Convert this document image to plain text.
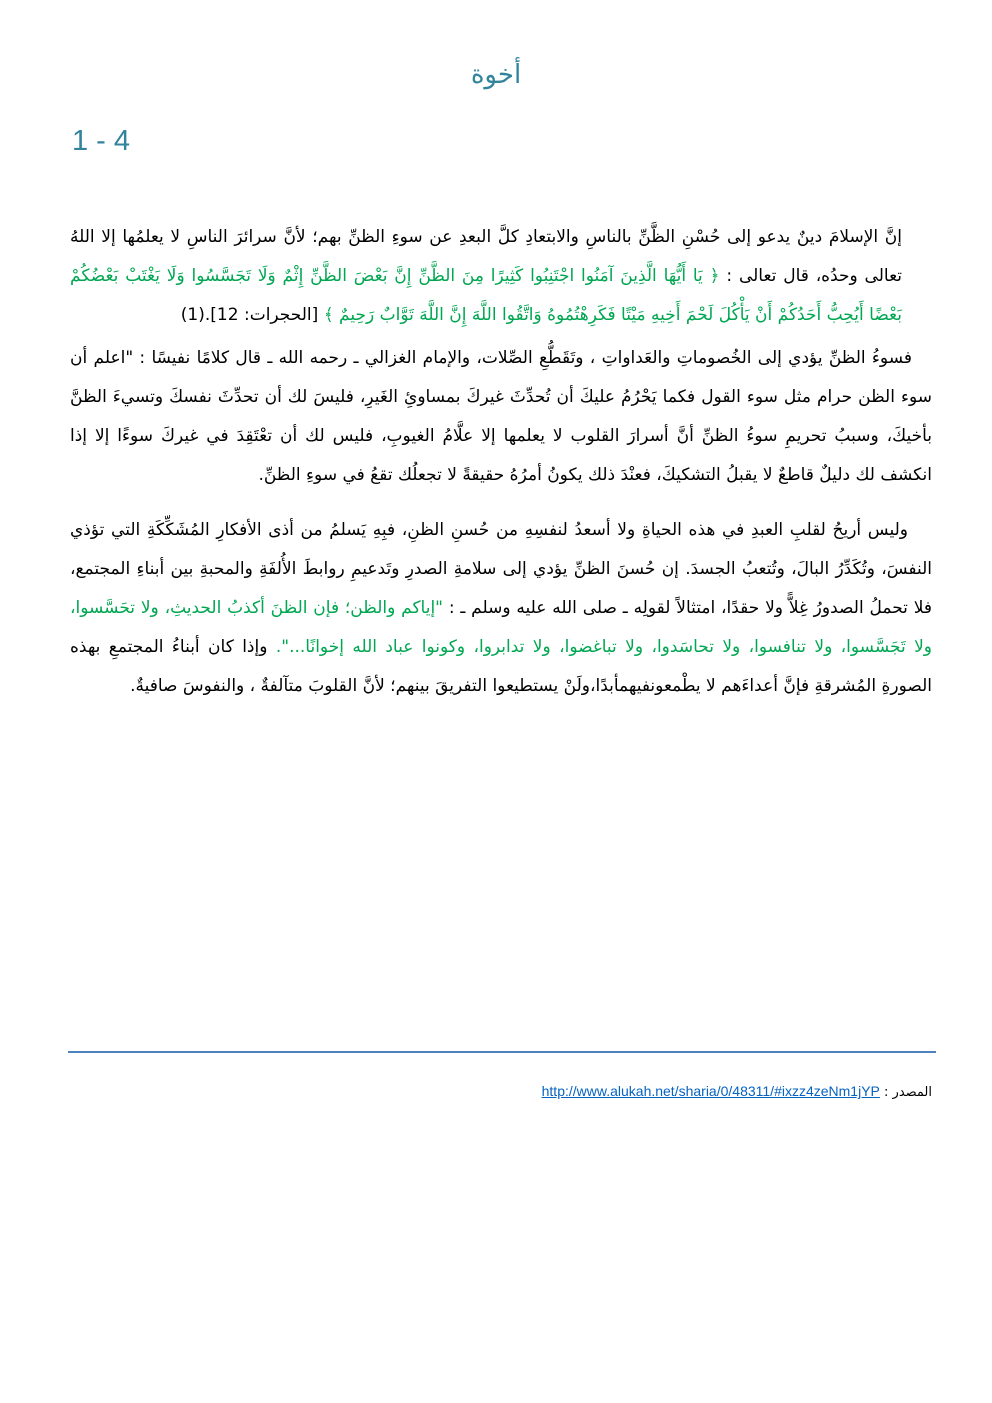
أخوة
1 - 4

إنَّ الإسلامَ دينٌ يدعو إلى حُسْنِ الظَّنِّ بالناسِ والابتعادِ كلَّ البعدِ عن سوءِ الظنِّ بهم؛ لأنَّ سرائرَ الناسِ لا يعلمُها إلا اللهُ تعالى وحدُه، قال تعالى : ﴿ يَا أَيُّهَا الَّذِينَ آمَنُوا اجْتَنِبُوا كَثِيرًا مِنَ الظَّنِّ إِنَّ بَعْضَ الظَّنِّ إِثْمٌ وَلَا تَجَسَّسُوا وَلَا يَغْتَبْ بَعْضُكُمْ بَعْضًا أَيُحِبُّ أَحَدُكُمْ أَنْ يَأْكُلَ لَحْمَ أَخِيهِ مَيْتًا فَكَرِهْتُمُوهُ وَاتَّقُوا اللَّهَ إِنَّ اللَّهَ تَوَّابٌ رَحِيمٌ ﴾ [الحجرات: 12].(1)

فسوءُ الظنِّ يؤدي إلى الخُصوماتِ والعَداواتِ ، وتَقَطُّعِ الصِّلات، والإمام الغزالي ـ رحمه الله ـ قال كلامًا نفيسًا : "اعلم أن سوء الظن حرام مثل سوء القول فكما يَحْرُمُ عليكَ أن تُحدِّثَ غيركَ بمساوئِ الغَيرِ، فليسَ لك أن تحدِّثَ نفسكَ وتسيءَ الظنَّ بأخيكَ، وسببُ تحريمِ سوءُ الظنِّ أنَّ أسرارَ القلوب لا يعلمها إلا علَّامُ الغيوبِ، فليس لك أن تعْتَقِدَ في غيركَ سوءًا إلا إذا انكشف لك دليلٌ قاطعٌ لا يقبلُ التشكيكَ، فعنْدَ ذلك يكونُ أمرُهُ حقيقةً لا تجعلُك تقعُ في سوءِ الظنِّ.

وليس أريحُ لقلبِ العبدِ في هذه الحياةِ ولا أسعدُ لنفسِهِ من حُسنِ الظنِ، فبِهِ يَسلمُ من أذى الأفكارِ المُشَكِّكَةِ التي تؤذي النفسَ، وتُكَدِّرُ البالَ، وتُتعبُ الجسدَ. إن حُسنَ الظنِّ يؤدي إلى سلامةِ الصدرِ وتَدعيمِ روابطَ الأُلفَةِ والمحبةِ بين أبناءِ المجتمع، فلا تحملُ الصدورُ غِلاًّ ولا حقدًا، امتثالاً لقولِه ـ صلى الله عليه وسلم ـ : "إياكم والظن؛ فإن الظنَ أكذبُ الحديثِ، ولا تحَسَّسوا، ولا تَجَسَّسوا، ولا تنافسوا، ولا تحاسَدوا، ولا تباغضوا، ولا تدابروا، وكونوا عباد الله إخوانًا...". وإذا كان أبناءُ المجتمعِ بهذه الصورةِ المُشرقةِ فإنَّ أعداءَهم لا يطْمعونفيهمأبدًا،ولَنْ يستطيعوا التفريقَ بينهم؛ لأنَّ القلوبَ متآلفةٌ ، والنفوسَ صافيةٌ.

المصدر : http://www.alukah.net/sharia/0/48311/#ixzz4zeNm1jYP
